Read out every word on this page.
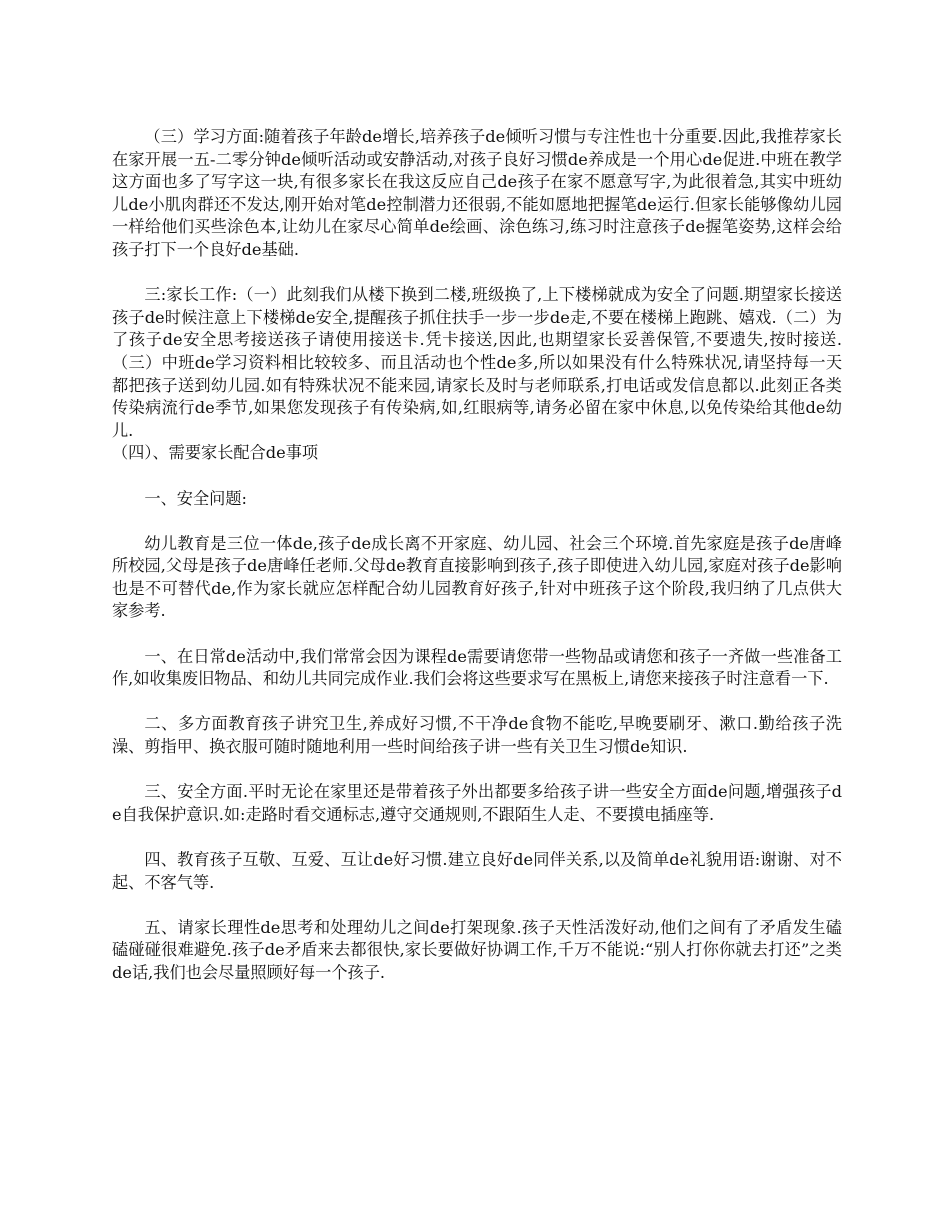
（三）学习方面:随着孩子年龄de增长,培养孩子de倾听习惯与专注性也十分重要.因此,我推荐家长在家开展一五-二零分钟de倾听活动或安静活动,对孩子良好习惯de养成是一个用心de促进.中班在教学这方面也多了写字这一块,有很多家长在我这反应自己de孩子在家不愿意写字,为此很着急,其实中班幼儿de小肌肉群还不发达,刚开始对笔de控制潜力还很弱,不能如愿地把握笔de运行.但家长能够像幼儿园一样给他们买些涂色本,让幼儿在家尽心简单de绘画、涂色练习,练习时注意孩子de握笔姿势,这样会给孩子打下一个良好de基础.

三:家长工作:（一）此刻我们从楼下换到二楼,班级换了,上下楼梯就成为安全了问题.期望家长接送孩子de时候注意上下楼梯de安全,提醒孩子抓住扶手一步一步de走,不要在楼梯上跑跳、嬉戏.（二）为了孩子de安全思考接送孩子请使用接送卡.凭卡接送,因此,也期望家长妥善保管,不要遗失,按时接送.（三）中班de学习资料相比较较多、而且活动也个性de多,所以如果没有什么特殊状况,请坚持每一天都把孩子送到幼儿园.如有特殊状况不能来园,请家长及时与老师联系,打电话或发信息都以.此刻正各类传染病流行de季节,如果您发现孩子有传染病,如,红眼病等,请务必留在家中休息,以免传染给其他de幼儿.

（四）、需要家长配合de事项

一、安全问题:

幼儿教育是三位一体de,孩子de成长离不开家庭、幼儿园、社会三个环境.首先家庭是孩子de唐峰所校园,父母是孩子de唐峰任老师.父母de教育直接影响到孩子,孩子即使进入幼儿园,家庭对孩子de影响也是不可替代de,作为家长就应怎样配合幼儿园教育好孩子,针对中班孩子这个阶段,我归纳了几点供大家参考.

一、在日常de活动中,我们常常会因为课程de需要请您带一些物品或请您和孩子一齐做一些准备工作,如收集废旧物品、和幼儿共同完成作业.我们会将这些要求写在黑板上,请您来接孩子时注意看一下.

二、多方面教育孩子讲究卫生,养成好习惯,不干净de食物不能吃,早晚要刷牙、漱口.勤给孩子洗澡、剪指甲、换衣服可随时随地利用一些时间给孩子讲一些有关卫生习惯de知识.

三、安全方面.平时无论在家里还是带着孩子外出都要多给孩子讲一些安全方面de问题,增强孩子de自我保护意识.如:走路时看交通标志,遵守交通规则,不跟陌生人走、不要摸电插座等.

四、教育孩子互敬、互爱、互让de好习惯.建立良好de同伴关系,以及简单de礼貌用语:谢谢、对不起、不客气等.

五、请家长理性de思考和处理幼儿之间de打架现象.孩子天性活泼好动,他们之间有了矛盾发生磕磕碰碰很难避免.孩子de矛盾来去都很快,家长要做好协调工作,千万不能说:“别人打你你就去打还”之类de话,我们也会尽量照顾好每一个孩子.
